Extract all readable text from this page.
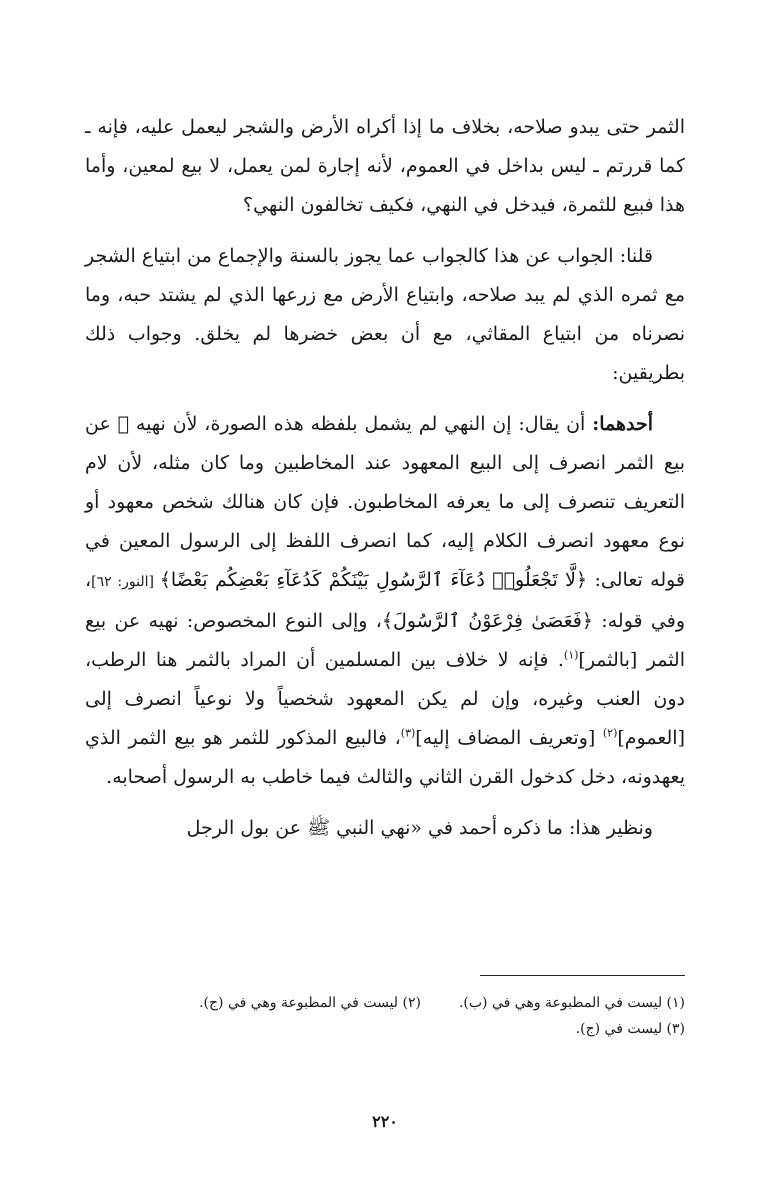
الثمر حتى يبدو صلاحه، بخلاف ما إذا أكراه الأرض والشجر ليعمل عليه، فإنه ـ كما قررتم ـ ليس بداخل في العموم، لأنه إجارة لمن يعمل، لا بيع لمعين، وأما هذا فبيع للثمرة، فيدخل في النهي، فكيف تخالفون النهي؟

قلنا: الجواب عن هذا كالجواب عما يجوز بالسنة والإجماع من ابتياع الشجر مع ثمره الذي لم يبد صلاحه، وابتياع الأرض مع زرعها الذي لم يشتد حبه، وما نصرناه من ابتياع المقاثي، مع أن بعض خضرها لم يخلق. وجواب ذلك بطريقين:

أحدهما: أن يقال: إن النهي لم يشمل بلفظه هذه الصورة، لأن نهيه ﷺ عن بيع الثمر انصرف إلى البيع المعهود عند المخاطبين وما كان مثله، لأن لام التعريف تنصرف إلى ما يعرفه المخاطبون. فإن كان هنالك شخص معهود أو نوع معهود انصرف الكلام إليه، كما انصرف اللفظ إلى الرسول المعين في قوله تعالى: ﴿لَّا تَجْعَلُوا۟ دُعَآءَ ٱلرَّسُولِ بَيْنَكُمْ كَدُعَآءِ بَعْضِكُم بَعْضًا﴾ [النور: ٦٢]، وفي قوله: ﴿فَعَصَىٰ فِرْعَوْنُ ٱلرَّسُولَ﴾، وإلى النوع المخصوص: نهيه عن بيع الثمر [بالثمر]$^{(١)}$. فإنه لا خلاف بين المسلمين أن المراد بالثمر هنا الرطب، دون العنب وغيره، وإن لم يكن المعهود شخصياً ولا نوعياً انصرف إلى [العموم]$^{(٢)}$ [وتعريف المضاف إليه]$^{(٣)}$، فالبيع المذكور للثمر هو بيع الثمر الذي يعهدونه، دخل كدخول القرن الثاني والثالث فيما خاطب به الرسول أصحابه.

ونظير هذا: ما ذكره أحمد في «نهي النبي ﷺ عن بول الرجل

(١) ليست في المطبوعة وهي في (ب).(٢) ليست في المطبوعة وهي في (ج).
(٣) ليست في (ج).
٢٢٠
